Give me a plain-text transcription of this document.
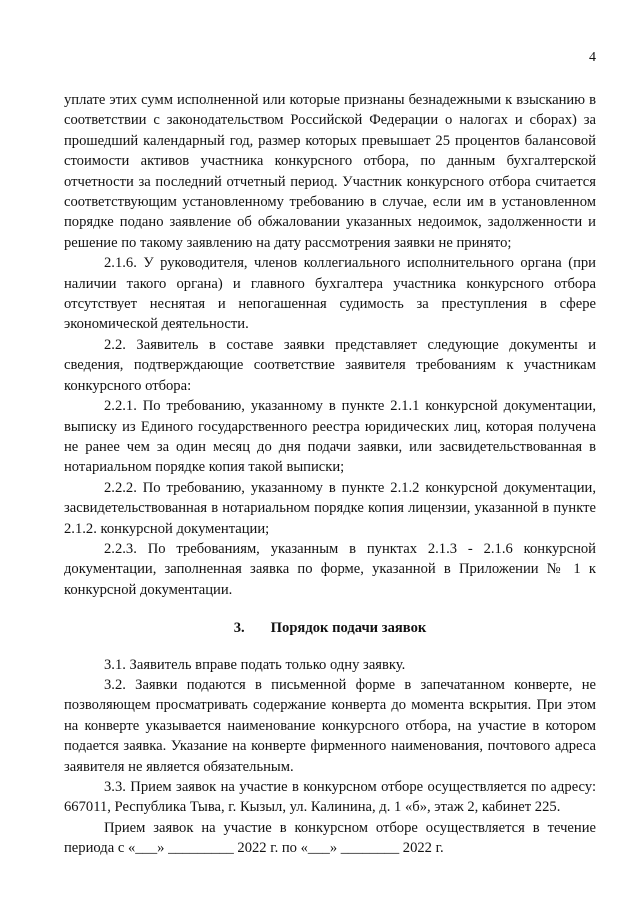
4

уплате этих сумм исполненной или которые признаны безнадежными к взысканию в соответствии с законодательством Российской Федерации о налогах и сборах) за прошедший календарный год, размер которых превышает 25 процентов балансовой стоимости активов участника конкурсного отбора, по данным бухгалтерской отчетности за последний отчетный период. Участник конкурсного отбора считается соответствующим установленному требованию в случае, если им в установленном порядке подано заявление об обжаловании указанных недоимок, задолженности и решение по такому заявлению на дату рассмотрения заявки не принято;

2.1.6. У руководителя, членов коллегиального исполнительного органа (при наличии такого органа) и главного бухгалтера участника конкурсного отбора отсутствует неснятая и непогашенная судимость за преступления в сфере экономической деятельности.

2.2. Заявитель в составе заявки представляет следующие документы и сведения, подтверждающие соответствие заявителя требованиям к участникам конкурсного отбора:

2.2.1. По требованию, указанному в пункте 2.1.1 конкурсной документации, выписку из Единого государственного реестра юридических лиц, которая получена не ранее чем за один месяц до дня подачи заявки, или засвидетельствованная в нотариальном порядке копия такой выписки;

2.2.2. По требованию, указанному в пункте 2.1.2 конкурсной документации, засвидетельствованная в нотариальном порядке копия лицензии, указанной в пункте 2.1.2. конкурсной документации;

2.2.3. По требованиям, указанным в пунктах 2.1.3 - 2.1.6 конкурсной документации, заполненная заявка по форме, указанной в Приложении № 1 к конкурсной документации.

3. Порядок подачи заявок

3.1. Заявитель вправе подать только одну заявку.

3.2. Заявки подаются в письменной форме в запечатанном конверте, не позволяющем просматривать содержание конверта до момента вскрытия. При этом на конверте указывается наименование конкурсного отбора, на участие в котором подается заявка. Указание на конверте фирменного наименования, почтового адреса заявителя не является обязательным.

3.3. Прием заявок на участие в конкурсном отборе осуществляется по адресу: 667011, Республика Тыва, г. Кызыл, ул. Калинина, д. 1 «б», этаж 2, кабинет 225.

Прием заявок на участие в конкурсном отборе осуществляется в течение периода с «___» _________ 2022 г. по «___» ________ 2022 г.
